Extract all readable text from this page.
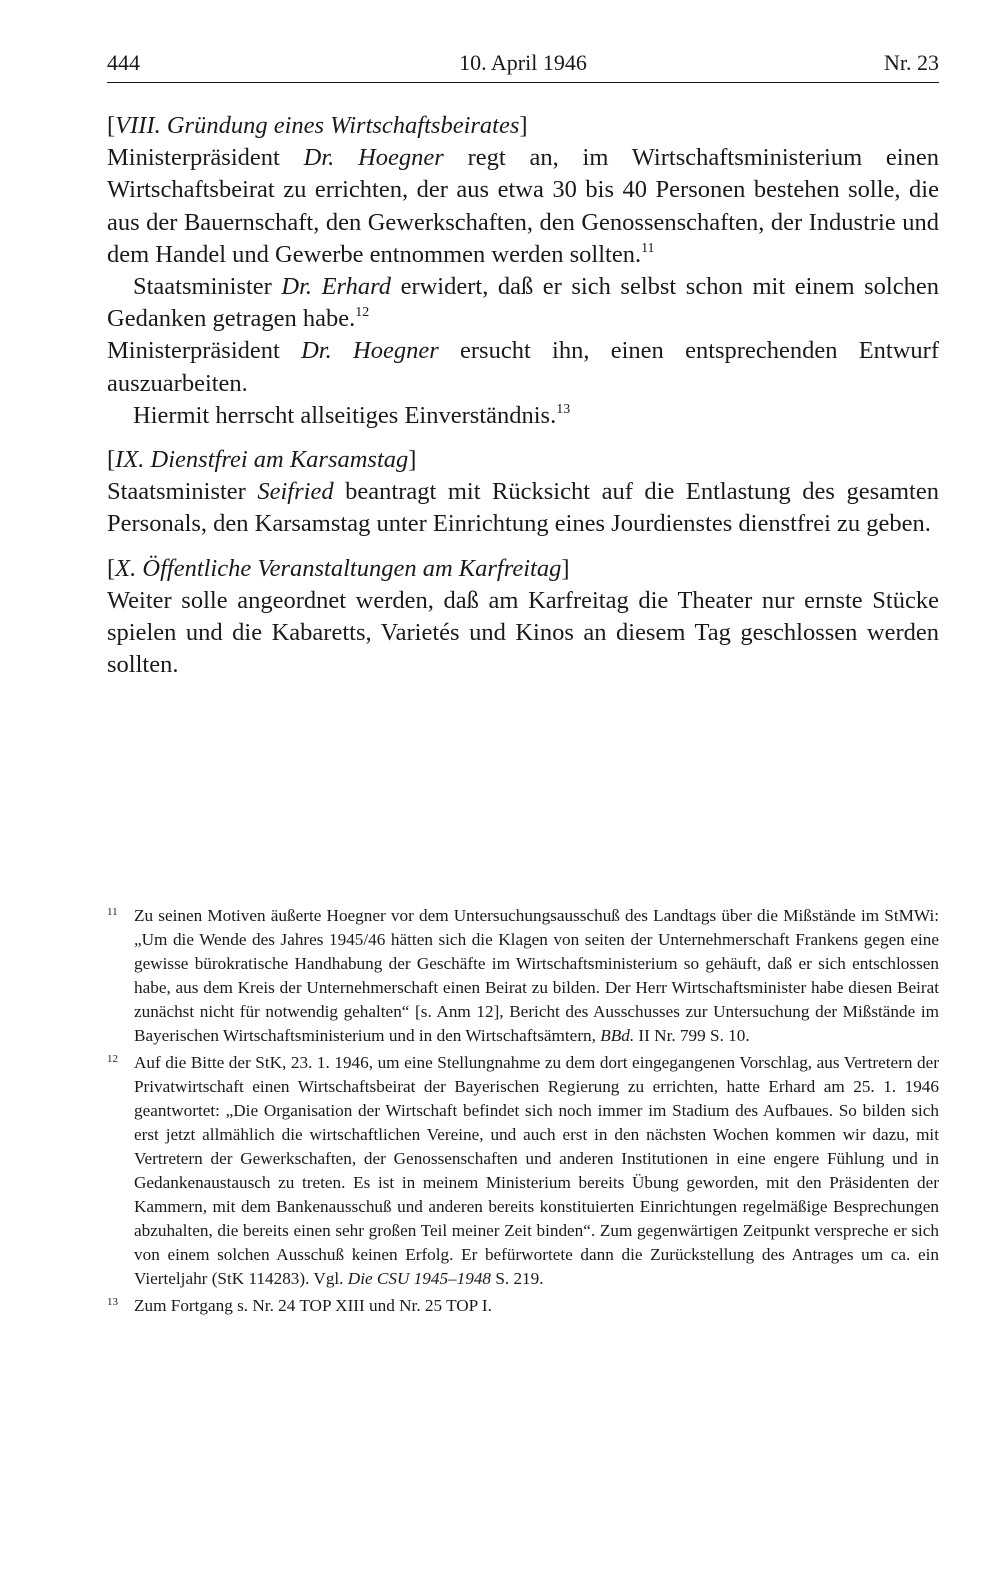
444	10. April 1946	Nr. 23

[VIII. Gründung eines Wirtschaftsbeirates]

Ministerpräsident Dr. Hoegner regt an, im Wirtschaftsministerium einen Wirtschaftsbeirat zu errichten, der aus etwa 30 bis 40 Personen bestehen solle, die aus der Bauernschaft, den Gewerkschaften, den Genossenschaften, der Industrie und dem Handel und Gewerbe entnommen werden sollten.$^{11}$

Staatsminister Dr. Erhard erwidert, daß er sich selbst schon mit einem solchen Gedanken getragen habe.$^{12}$

Ministerpräsident Dr. Hoegner ersucht ihn, einen entsprechenden Entwurf auszuarbeiten.

Hiermit herrscht allseitiges Einverständnis.$^{13}$

[IX. Dienstfrei am Karsamstag]

Staatsminister Seifried beantragt mit Rücksicht auf die Entlastung des gesamten Personals, den Karsamstag unter Einrichtung eines Jourdienstes dienstfrei zu geben.

[X. Öffentliche Veranstaltungen am Karfreitag]

Weiter solle angeordnet werden, daß am Karfreitag die Theater nur ernste Stücke spielen und die Kabaretts, Varietés und Kinos an diesem Tag geschlossen werden sollten.

11 Zu seinen Motiven äußerte Hoegner vor dem Untersuchungsausschuß des Landtags über die Mißstände im StMWi: „Um die Wende des Jahres 1945/46 hätten sich die Klagen von seiten der Unternehmerschaft Frankens gegen eine gewisse bürokratische Handhabung der Geschäfte im Wirtschaftsministerium so gehäuft, daß er sich entschlossen habe, aus dem Kreis der Unternehmerschaft einen Beirat zu bilden. Der Herr Wirtschaftsminister habe diesen Beirat zunächst nicht für notwendig gehalten“ [s. Anm 12], Bericht des Ausschusses zur Untersuchung der Mißstände im Bayerischen Wirtschaftsministerium und in den Wirtschaftsämtern, BBd. II Nr. 799 S. 10.

12 Auf die Bitte der StK, 23. 1. 1946, um eine Stellungnahme zu dem dort eingegangenen Vorschlag, aus Vertretern der Privatwirtschaft einen Wirtschaftsbeirat der Bayerischen Regierung zu errichten, hatte Erhard am 25. 1. 1946 geantwortet: „Die Organisation der Wirtschaft befindet sich noch immer im Stadium des Aufbaues. So bilden sich erst jetzt allmählich die wirtschaftlichen Vereine, und auch erst in den nächsten Wochen kommen wir dazu, mit Vertretern der Gewerkschaften, der Genossenschaften und anderen Institutionen in eine engere Fühlung und in Gedankenaustausch zu treten. Es ist in meinem Ministerium bereits Übung geworden, mit den Präsidenten der Kammern, mit dem Bankenausschuß und anderen bereits konstituierten Einrichtungen regelmäßige Besprechungen abzuhalten, die bereits einen sehr großen Teil meiner Zeit binden“. Zum gegenwärtigen Zeitpunkt verspreche er sich von einem solchen Ausschuß keinen Erfolg. Er befürwortete dann die Zurückstellung des Antrages um ca. ein Vierteljahr (StK 114283). Vgl. Die CSU 1945–1948 S. 219.

13 Zum Fortgang s. Nr. 24 TOP XIII und Nr. 25 TOP I.
